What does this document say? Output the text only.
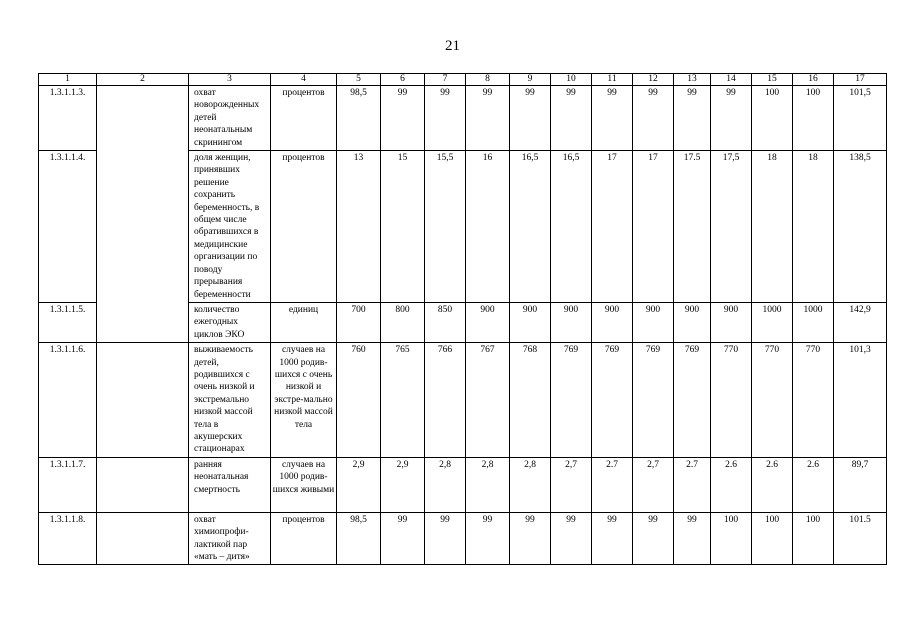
21
1	2	3	4	5	6	7	8	9	10	11	12	13	14	15	16	17
1.3.1.1.3.		охват новорожденных детей неонатальным скринингом	процентов	98,5	99	99	99	99	99	99	99	99	99	100	100	101,5
1.3.1.1.4.		доля женщин, принявших решение сохранить беременность, в общем числе обратившихся в медицинские организации по поводу прерывания беременности	процентов	13	15	15,5	16	16,5	16,5	17	17	17.5	17,5	18	18	138,5
1.3.1.1.5.		количество ежегодных циклов ЭКО	единиц	700	800	850	900	900	900	900	900	900	900	1000	1000	142,9
1.3.1.1.6.		выживаемость детей, родившихся с очень низкой и экстремально низкой массой тела в акушерских стационарах	случаев на 1000 родив-шихся с очень низкой и экстре-мально низкой массой тела	760	765	766	767	768	769	769	769	769	770	770	770	101,3
1.3.1.1.7.		ранняя неонатальная смертность	случаев на 1000 родив-шихся живыми	2,9	2,9	2,8	2,8	2,8	2,7	2.7	2,7	2.7	2.6	2.6	2.6	89,7
1.3.1.1.8.		охват химиопрофи-лактикой пар «мать – дитя»	процентов	98,5	99	99	99	99	99	99	99	99	100	100	100	101.5
